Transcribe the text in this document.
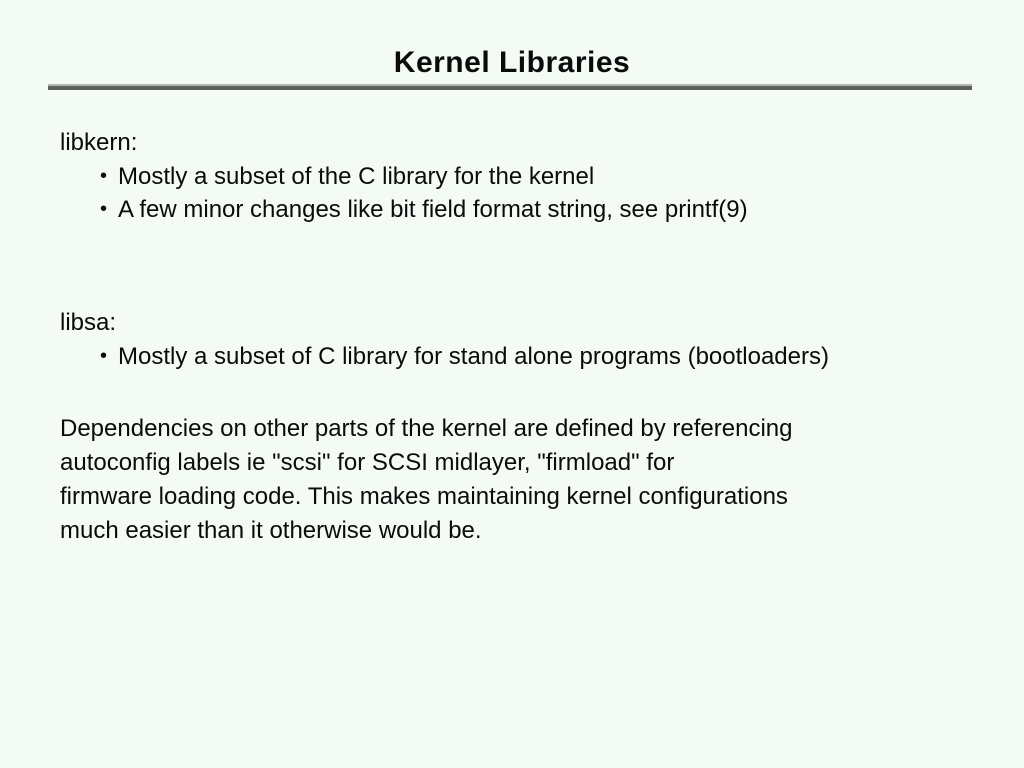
Kernel Libraries
libkern:
• Mostly a subset of the C library for the kernel
• A few minor changes like bit field format string, see printf(9)
libsa:
• Mostly a subset of C library for stand alone programs (bootloaders)
Dependencies on other parts of the kernel are defined by referencing
autoconfig labels ie "scsi" for SCSI midlayer, "firmload" for
firmware loading code. This makes maintaining kernel configurations
much easier than it otherwise would be.
